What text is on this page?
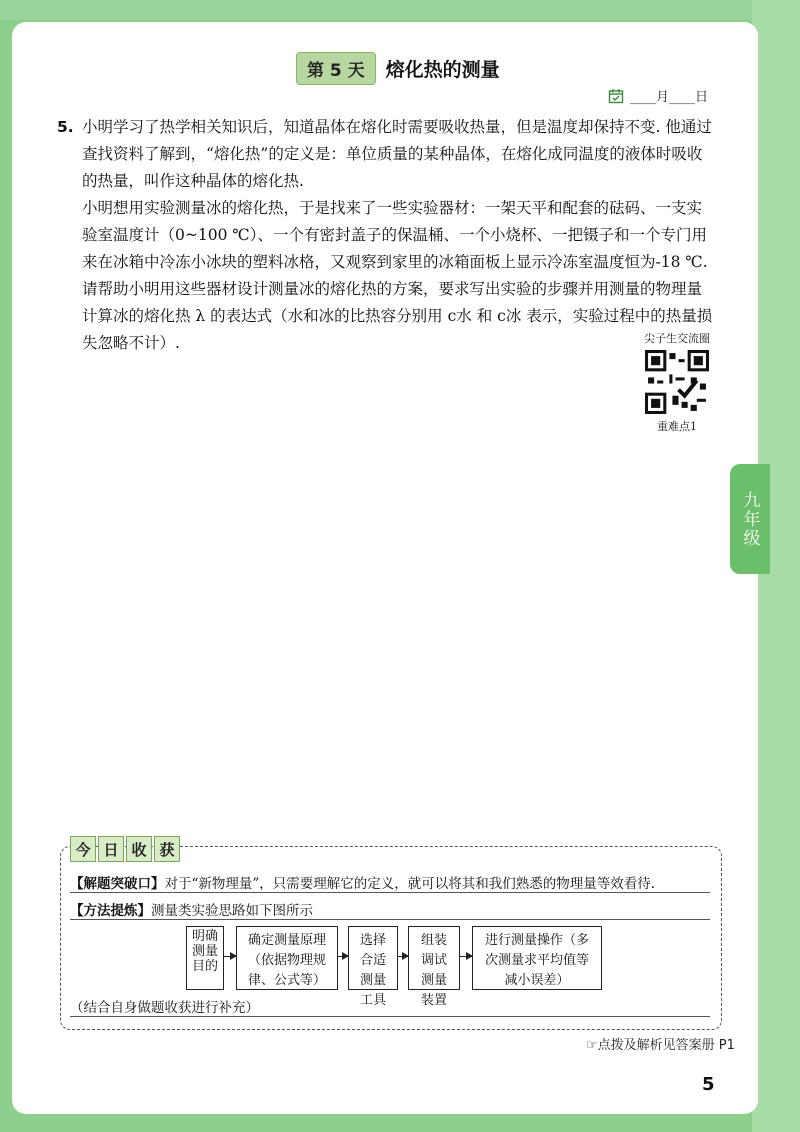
第 5 天	熔化热的测量
____月____日
5. 小明学习了热学相关知识后，知道晶体在熔化时需要吸收热量，但是温度却保持不变. 他通过查找资料了解到，“熔化热”的定义是：单位质量的某种晶体，在熔化成同温度的液体时吸收的热量，叫作这种晶体的熔化热.

小明想用实验测量冰的熔化热，于是找来了一些实验器材：一架天平和配套的砝码、一支实验室温度计（0~100 ℃）、一个有密封盖子的保温桶、一个小烧杯、一把镊子和一个专门用来在冰箱中冷冻小冰块的塑料冰格，又观察到家里的冰箱面板上显示冷冻室温度恒为-18 ℃.

请帮助小明用这些器材设计测量冰的熔化热的方案，要求写出实验的步骤并用测量的物理量计算冰的熔化热 λ 的表达式（水和冰的比热容分别用 c水 和 c冰 表示，实验过程中的热量损失忽略不计）.	尖子生交流圈
重难点1
九年级
今 日 收 获
【解题突破口】对于“新物理量”，只需要理解它的定义，就可以将其和我们熟悉的物理量等效看待.
【方法提炼】测量类实验思路如下图所示
明确测量目的
确定测量原理（依据物理规律、公式等）
选择合适测量工具
组装调试测量装置
进行测量操作（多次测量求平均值等减小误差）
（结合自身做题收获进行补充）
☞点拨及解析见答案册 P1
5
